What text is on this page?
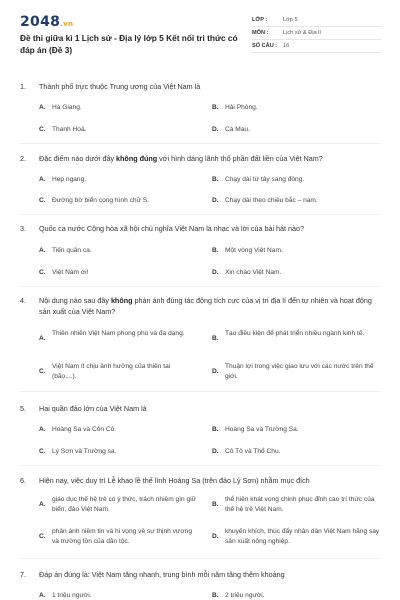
2048.vn
Đề thi giữa kì 1 Lịch sử - Địa lý lớp 5 Kết nối tri thức có đáp án (Đề 3)
LỚP :	Lớp 5
MÔN :	Lịch sử & Địa lí
SỐ CÂU :	16
1.	Thành phố trực thuộc Trung ương của Việt Nam là
A. Hà Giang.	B. Hải Phòng.
C. Thanh Hoá.	D. Cà Mau.
2.	Đặc điểm nào dưới đây không đúng với hình dáng lãnh thổ phần đất liền của Việt Nam?
A. Hẹp ngang.	B. Chạy dài từ tây sang đông.
C. Đường bờ biển cong hình chữ S.	D. Chạy dài theo chiều bắc – nam.
3.	Quốc ca nước Cộng hòa xã hội chủ nghĩa Việt Nam là nhạc và lời của bài hát nào?
A. Tiến quân ca.	B. Một vòng Việt Nam.
C. Việt Nam ơi!	D. Xin chào Việt Nam.
4.	Nội dung nào sau đây không phản ánh đúng tác động tích cực của vị trí địa lí đến tự nhiên và hoạt động sản xuất của Việt Nam?
A.
Thiên nhiên Việt Nam phong phú và đa dạng.
B.
Tạo điều kiện để phát triển nhiều ngành kinh tế.
C.
Việt Nam ít chịu ảnh hưởng của thiên tai (bão,...).
D.
Thuận lợi trong việc giao lưu với các nước trên thế giới.
5.	Hai quần đảo lớn của Việt Nam là
A. Hoàng Sa và Côn Cỏ.	B. Hoàng Sa và Trường Sa.
C. Lý Sơn và Trường sa.	D. Cô Tô và Thổ Chu.
6.	Hiện nay, việc duy trì Lễ khao lề thế lính Hoàng Sa (trên đảo Lý Sơn) nhằm mục đích
A.
giáo dục thế hệ trẻ có ý thức, trách nhiệm gìn giữ biển, đảo Việt Nam.
B.
thể hiện khát vọng chinh phục đỉnh cao trí thức của thế hệ trẻ Việt Nam.
C.
phản ánh niềm tin và hi vọng về sự thịnh vượng và trường tồn của dân tộc.
D.
khuyến khích, thúc đẩy nhân dân Việt Nam hăng say sản xuất nông nghiệp.
7.	Đáp án đúng là: Việt Nam tăng nhanh, trung bình mỗi năm tăng thêm khoảng
A. 1 triệu người.	B. 2 triệu người.
